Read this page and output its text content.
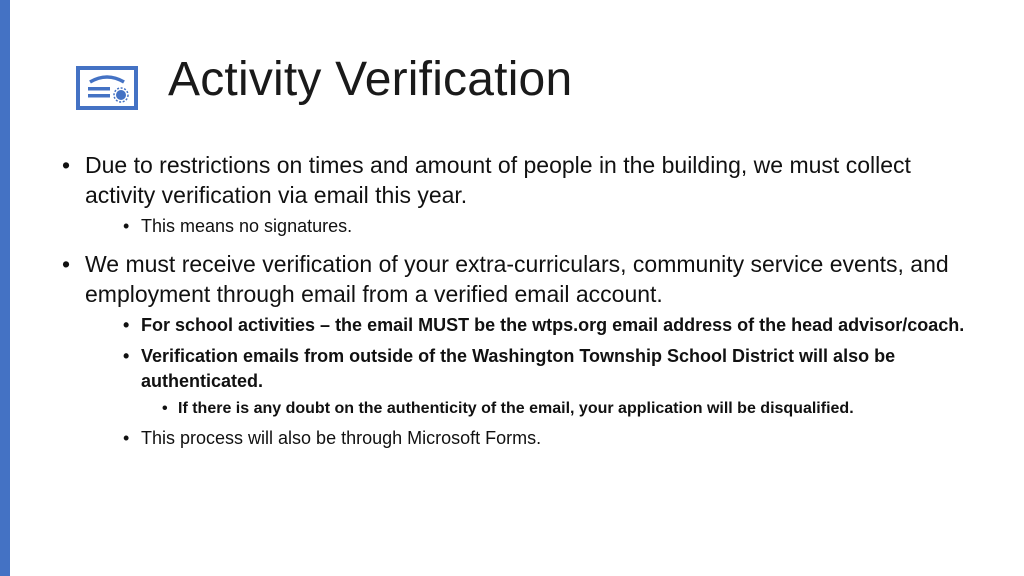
Activity Verification
• Due to restrictions on times and amount of people in the building, we must collect activity verification via email this year.
• This means no signatures.
• We must receive verification of your extra-curriculars, community service events, and employment through email from a verified email account.
• For school activities – the email MUST be the wtps.org email address of the head advisor/coach.
• Verification emails from outside of the Washington Township School District will also be authenticated.
• If there is any doubt on the authenticity of the email, your application will be disqualified.
• This process will also be through Microsoft Forms.
